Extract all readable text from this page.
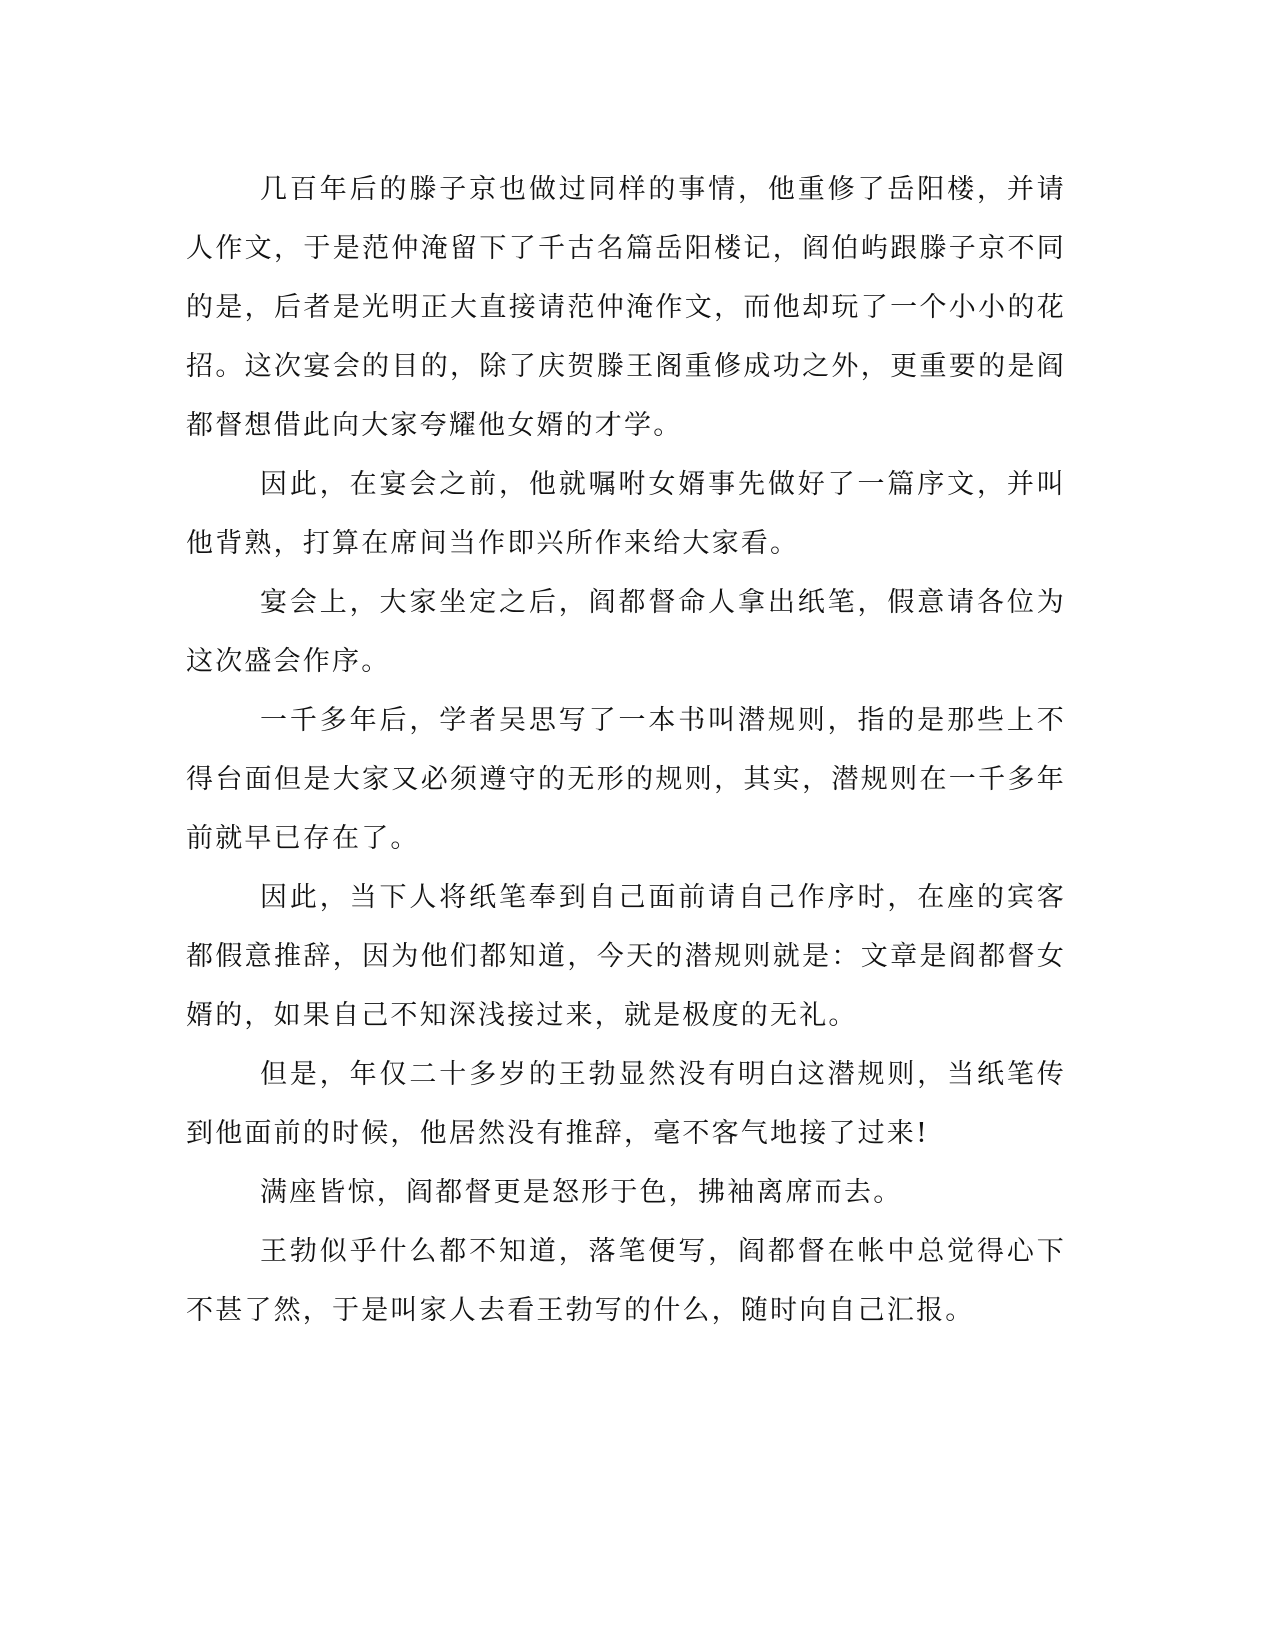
几百年后的滕子京也做过同样的事情，他重修了岳阳楼，并请人作文，于是范仲淹留下了千古名篇岳阳楼记，阎伯屿跟滕子京不同的是，后者是光明正大直接请范仲淹作文，而他却玩了一个小小的花招。这次宴会的目的，除了庆贺滕王阁重修成功之外，更重要的是阎都督想借此向大家夸耀他女婿的才学。

因此，在宴会之前，他就嘱咐女婿事先做好了一篇序文，并叫他背熟，打算在席间当作即兴所作来给大家看。

宴会上，大家坐定之后，阎都督命人拿出纸笔，假意请各位为这次盛会作序。

一千多年后，学者吴思写了一本书叫潜规则，指的是那些上不得台面但是大家又必须遵守的无形的规则，其实，潜规则在一千多年前就早已存在了。

因此，当下人将纸笔奉到自己面前请自己作序时，在座的宾客都假意推辞，因为他们都知道，今天的潜规则就是：文章是阎都督女婿的，如果自己不知深浅接过来，就是极度的无礼。

但是，年仅二十多岁的王勃显然没有明白这潜规则，当纸笔传到他面前的时候，他居然没有推辞，毫不客气地接了过来!

满座皆惊，阎都督更是怒形于色，拂袖离席而去。

王勃似乎什么都不知道，落笔便写，阎都督在帐中总觉得心下不甚了然，于是叫家人去看王勃写的什么，随时向自己汇报。
